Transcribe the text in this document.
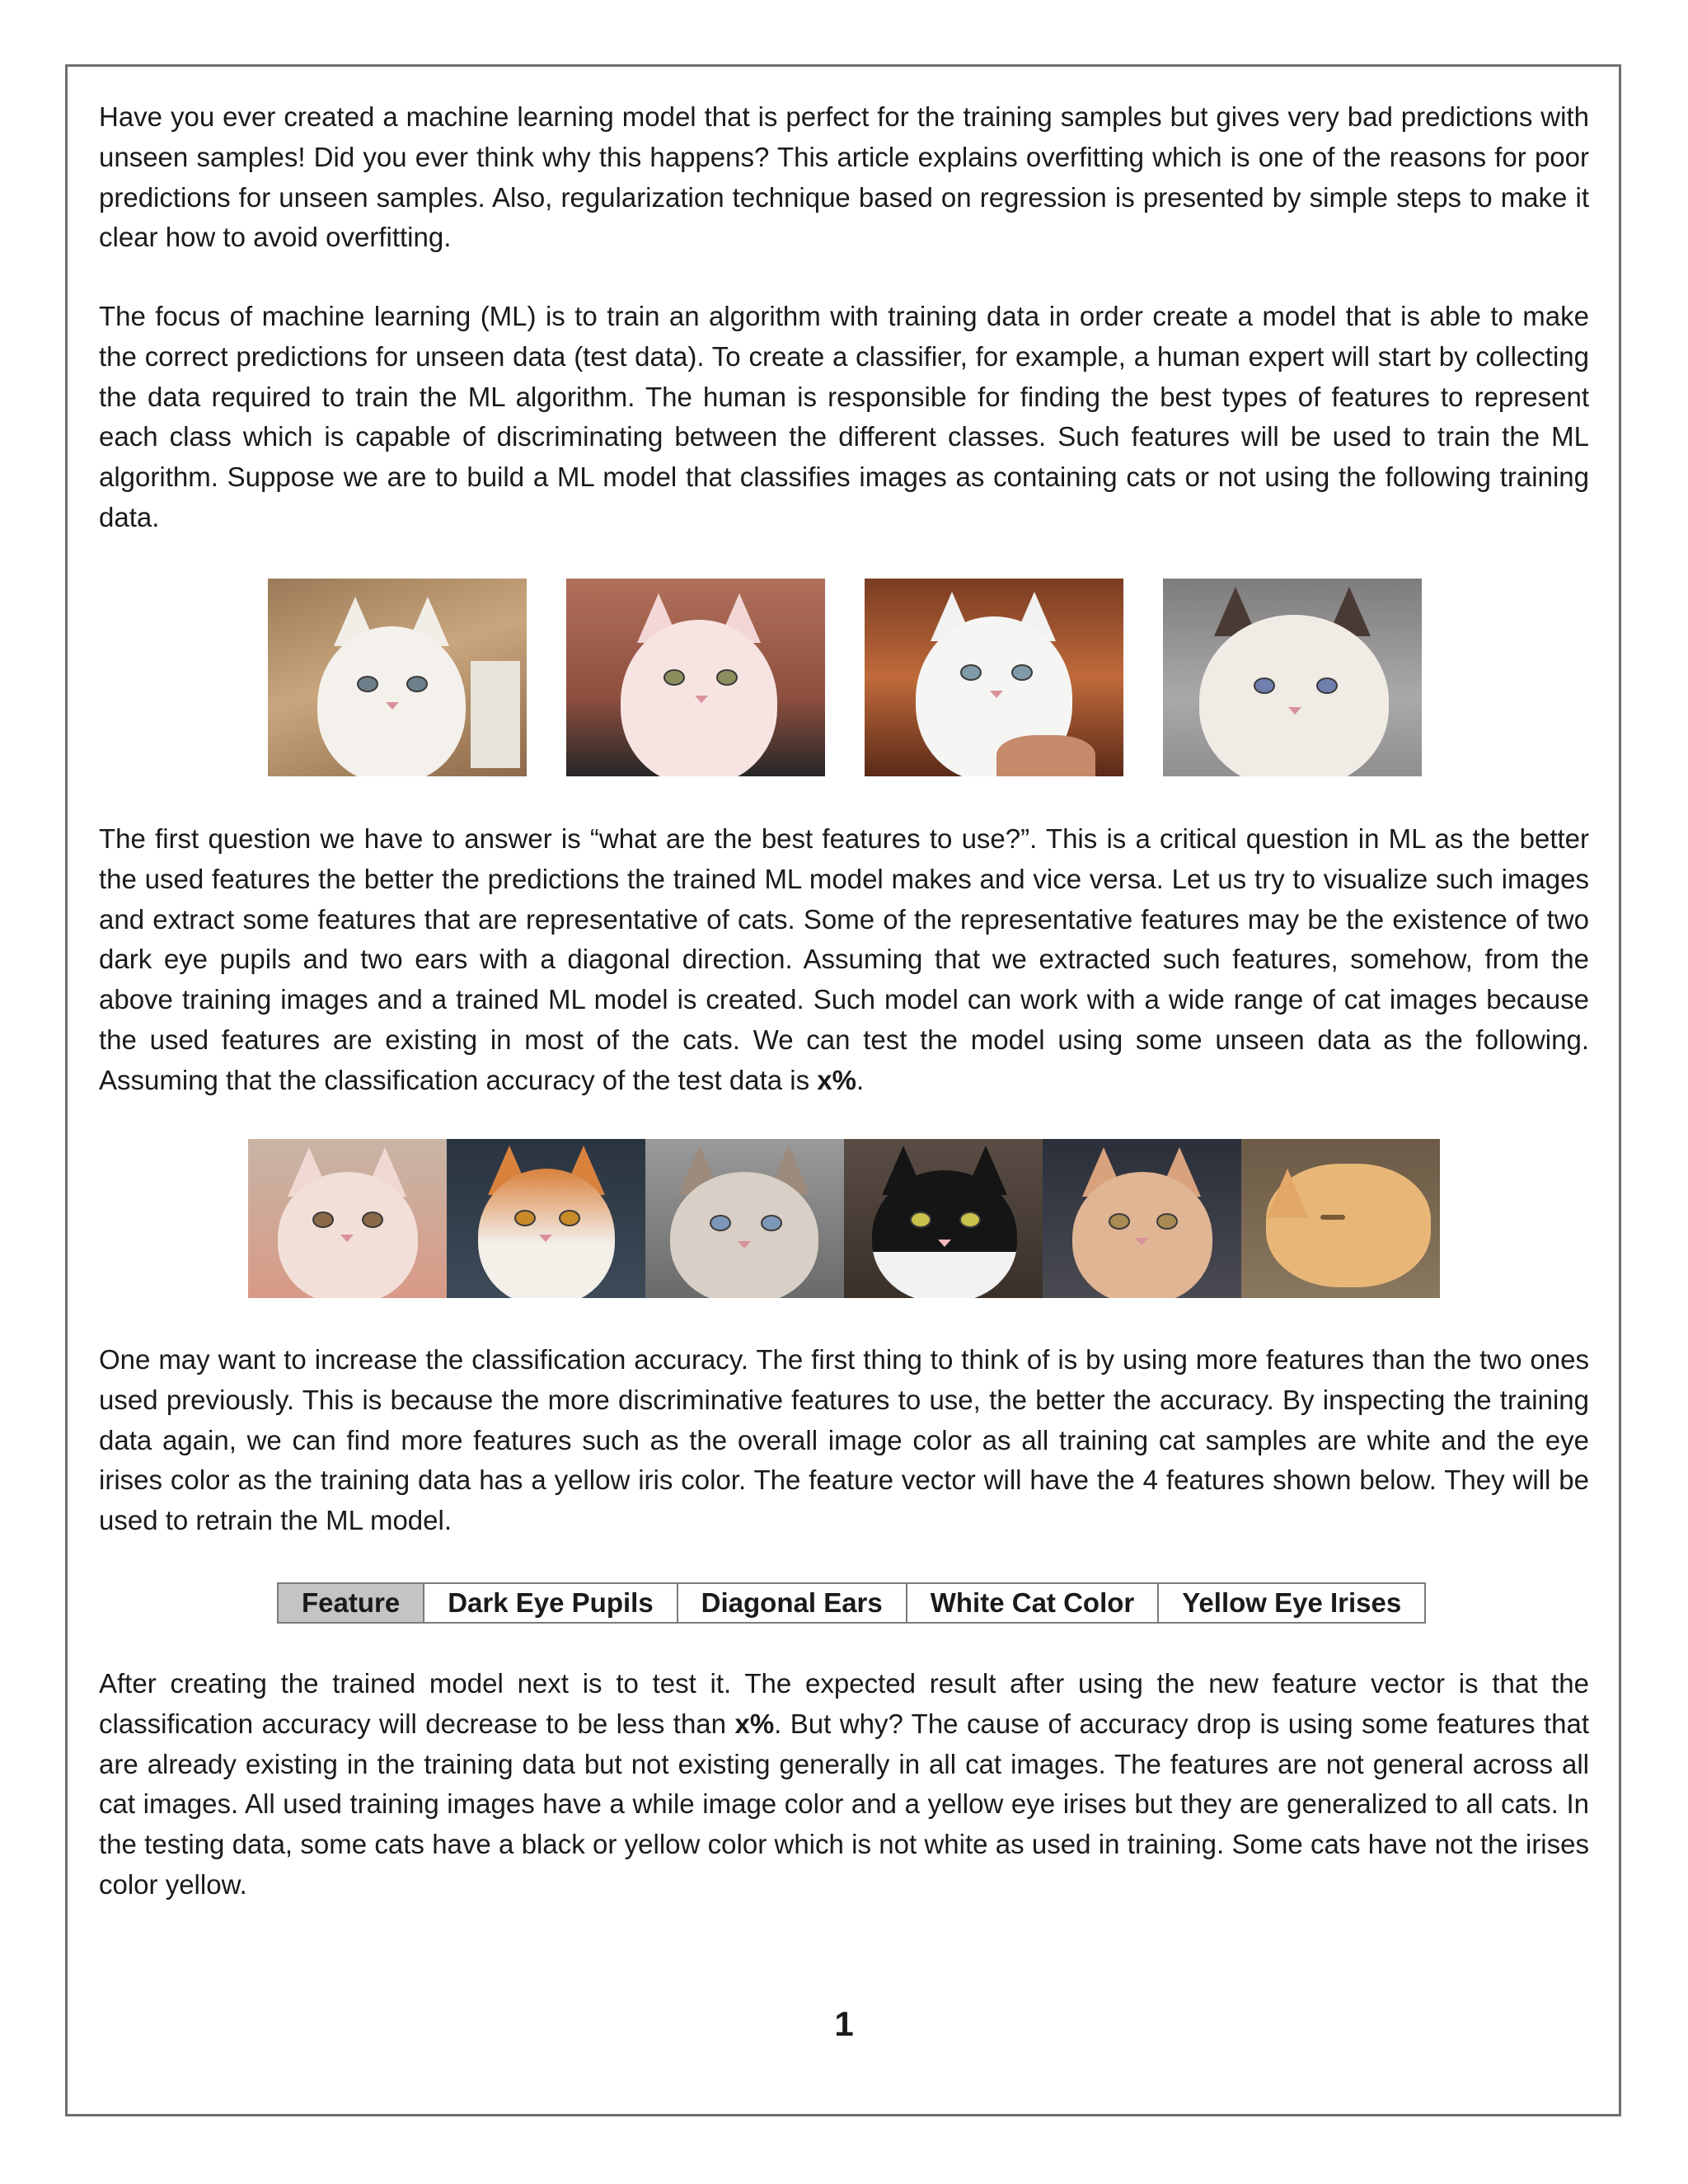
Have you ever created a machine learning model that is perfect for the training samples but gives very bad predictions with unseen samples! Did you ever think why this happens? This article explains overfitting which is one of the reasons for poor predictions for unseen samples. Also, regularization technique based on regression is presented by simple steps to make it clear how to avoid overfitting.

The focus of machine learning (ML) is to train an algorithm with training data in order create a model that is able to make the correct predictions for unseen data (test data). To create a classifier, for example, a human expert will start by collecting the data required to train the ML algorithm. The human is responsible for finding the best types of features to represent each class which is capable of discriminating between the different classes. Such features will be used to train the ML algorithm. Suppose we are to build a ML model that classifies images as containing cats or not using the following training data.

The first question we have to answer is “what are the best features to use?”. This is a critical question in ML as the better the used features the better the predictions the trained ML model makes and vice versa. Let us try to visualize such images and extract some features that are representative of cats. Some of the representative features may be the existence of two dark eye pupils and two ears with a diagonal direction. Assuming that we extracted such features, somehow, from the above training images and a trained ML model is created. Such model can work with a wide range of cat images because the used features are existing in most of the cats. We can test the model using some unseen data as the following. Assuming that the classification accuracy of the test data is x%.

One may want to increase the classification accuracy. The first thing to think of is by using more features than the two ones used previously. This is because the more discriminative features to use, the better the accuracy. By inspecting the training data again, we can find more features such as the overall image color as all training cat samples are white and the eye irises color as the training data has a yellow iris color. The feature vector will have the 4 features shown below. They will be used to retrain the ML model.

Feature	Dark Eye Pupils	Diagonal Ears	White Cat Color	Yellow Eye Irises

After creating the trained model next is to test it. The expected result after using the new feature vector is that the classification accuracy will decrease to be less than x%. But why? The cause of accuracy drop is using some features that are already existing in the training data but not existing generally in all cat images. The features are not general across all cat images. All used training images have a while image color and a yellow eye irises but they are generalized to all cats. In the testing data, some cats have a black or yellow color which is not white as used in training. Some cats have not the irises color yellow.

1
